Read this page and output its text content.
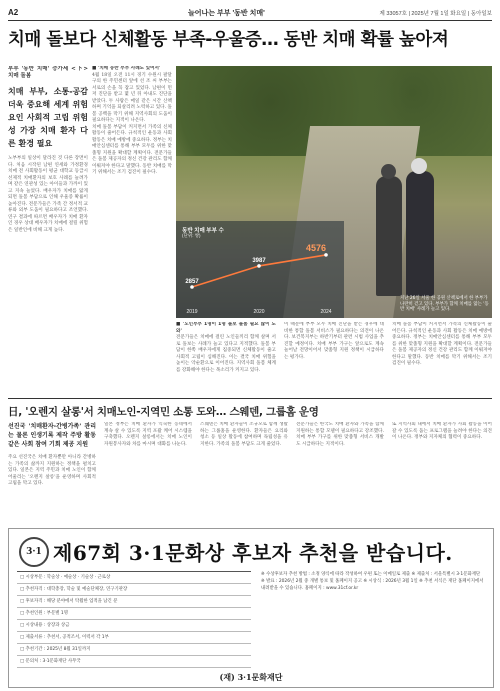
A2	늘어나는 부부 '동반 치매'	제 33057호 | 2025년 7월 1일 화요일 | 동아일보
치매 돌보다 신체활동 부족-우울증… 동반 치매 확률 높아져
부부 '동반 치매' 증가세 <下> 치매 돌봄
치매 부부, 소통-공감 더욱 중요해 세계 위험요인 사회적 고립 위험성 가장 치매 환자 다른 환경 필요
노부부의 일상이 달라진 것 다른 장면이다. 처음 시작된 남편 연세와 가정환경 치매 전 사회활동이 평균 대학교 등급시 선제적 치매환자의 보호 사례를 늘려가며 같은 연관성 있는 아이들과 가까이 있고 지속 늘었다. 배우자가 치매를 앓게 되면 돌봄 부담으로 인해 우울증 확률이 높아진다. 전문가들은 가족 간 정서적 교류와 외부 도움이 필요하다고 조언했다. 연구 결과에 따르면 배우자가 치매 환자인 경우 상대 배우자가 치매에 걸릴 위험은 일반인에 비해 크게 높다.
■ '치매 동반 부부 사례도 있어서'
4월 18일 오전 11시 경기 수원시 팔달구의 한 주민센터 앞에 선 조 씨 부부는 서로의 손을 꼭 잡고 있었다. 남편이 먼저 진단을 받고 몇 년 뒤 아내도 진단을 받았다. 두 사람은 매일 같은 시간 산책하며 기억을 되살리려 노력하고 있다. 돌봄 공백을 막기 위해 지역사회의 도움이 필요하다는 지적이 나온다.
치매 돌봄 부담이 커지면서 가족의 신체활동이 줄어든다. 규칙적인 운동과 사회 활동은 치매 예방에 중요하다. 정부는 치매안심센터를 통해 부부 모두를 위한 맞춤형 지원을 확대할 계획이다. 전문가들은 돌봄 제공자의 정신 건강 관리도 함께 이뤄져야 한다고 말했다. 동반 치매를 막기 위해서는 조기 검진이 필수다.
동반 치매 부부 수
(단위: 쌍)
2857
2019
3987
2020
4576
2024
지난 26일 서울 한 공원 산책로에서 한 부부가 나란히 걷고 있다. 부부가 함께 치매를 앓는 '동반 치매' 사례가 늘고 있다.
■ '노인부부 1명이 1명 돌보 돌봄 필요 많이 도와'
전문가들은 치매에 걸린 노인들끼리 함께 살며 서로 돌보는 사례가 늘고 있다고 지적했다. 돌봄 부담이 한쪽 배우자에게 집중되면 신체활동이 줄고 사회적 고립이 심해진다. 이는 결국 치매 위험을 높이는 악순환으로 이어진다. 지역사회 돌봄 체계를 강화해야 한다는 목소리가 커지고 있다.
이 때문에 부부 모두 치매 진단을 받는 경우에 대비한 통합 돌봄 서비스가 필요하다는 의견이 나온다. 보건복지부는 하반기부터 관련 시범 사업을 추진할 예정이다. 치매 부부 가구는 앞으로도 계속 늘어날 전망이어서 맞춤형 지원 정책이 시급하다는 평가다.
치매 돌봄 부담이 커지면서 가족의 신체활동이 줄어든다. 규칙적인 운동과 사회 활동은 치매 예방에 중요하다. 정부는 치매안심센터를 통해 부부 모두를 위한 맞춤형 지원을 확대할 계획이다. 전문가들은 돌봄 제공자의 정신 건강 관리도 함께 이뤄져야 한다고 말했다. 동반 치매를 막기 위해서는 조기 검진이 필수다.
日, '오렌지 살롱'서 치매노인-지역민 소통 도와… 스웨덴, 그룹홈 운영
선진국 '치매환자-간병가족' 관리는 물론 인생기록 제작 주방 활동 같은 사회 참여 기회 제공 지원
주요 선진국은 치매 환자뿐만 아니라 간병하는 가족의 삶까지 지원하는 정책을 펼치고 있다. 일본은 지역 주민과 치매 노인이 함께 어울리는 '오렌지 살롱'을 운영하며 사회적 고립을 막고 있다.
일본 정부는 치매 환자가 익숙한 동네에서 계속 살 수 있도록 지역 포괄 케어 시스템을 구축했다. 오렌지 살롱에서는 치매 노인이 자원봉사자와 차를 마시며 대화를 나눈다.
스웨덴은 치매 환자들이 소규모로 함께 생활하는 그룹홈을 운영한다. 환자들은 요리와 청소 등 일상 활동에 참여하며 독립성을 유지한다. 가족의 돌봄 부담도 크게 줄었다.
전문가들은 한국도 치매 환자와 가족을 함께 지원하는 통합 모델이 필요하다고 강조했다. 치매 부부 가구를 위한 맞춤형 서비스 개발도 시급하다는 지적이다.
또 지역사회 내에서 치매 환자가 사회 활동을 이어갈 수 있도록 돕는 프로그램을 늘려야 한다는 의견이 나온다. 정부와 지자체의 협력이 중요하다.
3·1 제67회 3·1문화상 후보자 추천을 받습니다.
□ 시상부문 : 학술상 · 예술상 · 기술상 · 근로상
□ 추천자격 : 대학총장, 학술 및 예술단체장, 연구기관장
□ 후보자격 : 해당 분야에서 탁월한 업적을 남긴 분
□ 추천인원 : 부문별 1명
□ 시상내용 : 상장과 상금
□ 제출서류 : 추천서, 공적조서, 이력서 각 1부
□ 추천기간 : 2025년 8월 31일까지
□ 문의처 : 3·1문화재단 사무국
※ 수상후보자 추천 방법 : 소정 양식에 따라 작성하여 우편 또는 이메일로 제출 ※ 제출처 : 서울특별시 3·1문화재단 ※ 발표 : 2026년 2월 중 개별 통보 및 홈페이지 공고 ※ 시상식 : 2026년 3월 1일 ※ 추천 서식은 재단 홈페이지에서 내려받을 수 있습니다. 홈페이지 : www.31cf.or.kr
(재) 3·1문화재단
